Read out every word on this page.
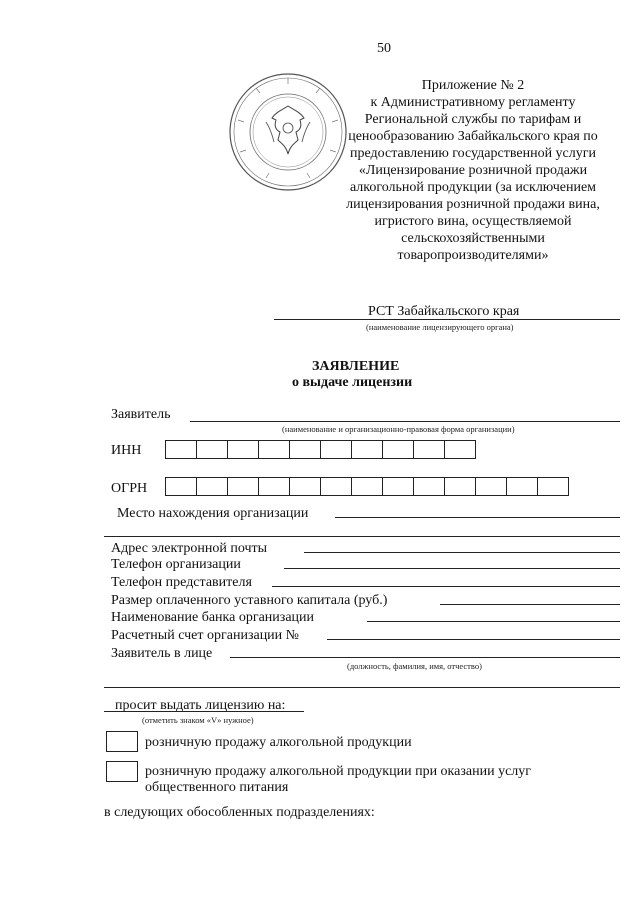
50
Приложение № 2
к Административному регламенту
Региональной службы по тарифам и
ценообразованию Забайкальского края по
предоставлению государственной услуги
«Лицензирование розничной продажи
алкогольной продукции (за исключением
лицензирования розничной продажи вина,
игристого вина, осуществляемой
сельскохозяйственными
товаропроизводителями»
РСТ Забайкальского края
(наименование лицензирующего органа)
ЗАЯВЛЕНИЕ
о выдаче лицензии
Заявитель
(наименование и организационно-правовая форма организации)
ИНН
ОГРН
Место нахождения организации
Адрес электронной почты
Телефон организации
Телефон представителя
Размер оплаченного уставного капитала (руб.)
Наименование банка организации
Расчетный счет организации №
Заявитель в лице
(должность, фамилия, имя, отчество)
просит выдать лицензию на:
(отметить знаком «V» нужное)
розничную продажу алкогольной продукции
розничную продажу алкогольной продукции при оказании услуг
общественного питания
в следующих обособленных подразделениях:
